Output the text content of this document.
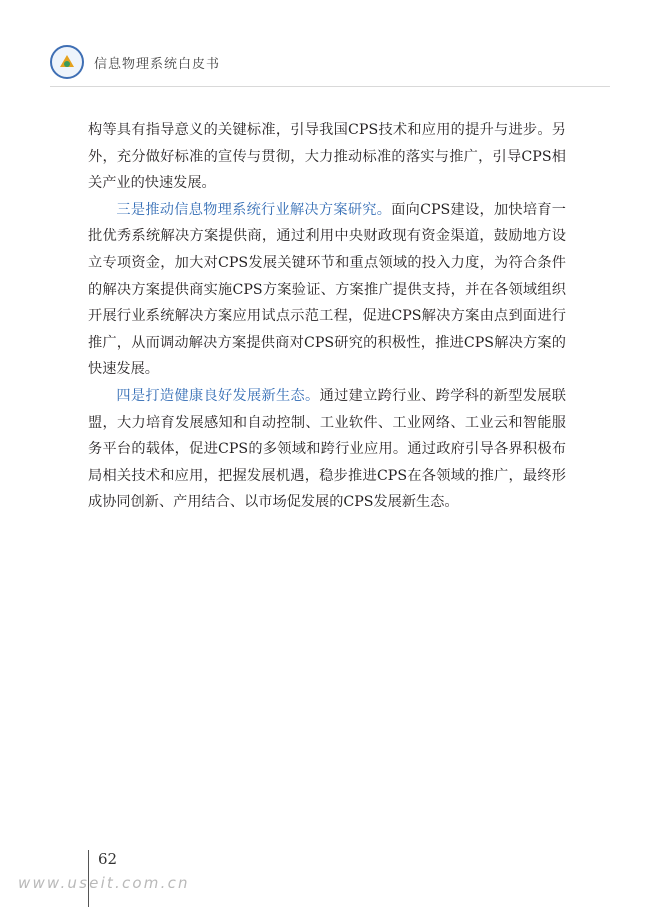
信息物理系统白皮书

构等具有指导意义的关键标准，引导我国CPS技术和应用的提升与进步。另外，充分做好标准的宣传与贯彻，大力推动标准的落实与推广，引导CPS相关产业的快速发展。

三是推动信息物理系统行业解决方案研究。面向CPS建设，加快培育一批优秀系统解决方案提供商，通过利用中央财政现有资金渠道，鼓励地方设立专项资金，加大对CPS发展关键环节和重点领域的投入力度，为符合条件的解决方案提供商实施CPS方案验证、方案推广提供支持，并在各领域组织开展行业系统解决方案应用试点示范工程，促进CPS解决方案由点到面进行推广，从而调动解决方案提供商对CPS研究的积极性，推进CPS解决方案的快速发展。

四是打造健康良好发展新生态。通过建立跨行业、跨学科的新型发展联盟，大力培育发展感知和自动控制、工业软件、工业网络、工业云和智能服务平台的载体，促进CPS的多领域和跨行业应用。通过政府引导各界积极布局相关技术和应用，把握发展机遇，稳步推进CPS在各领域的推广，最终形成协同创新、产用结合、以市场促发展的CPS发展新生态。

62
www.useit.com.cn
